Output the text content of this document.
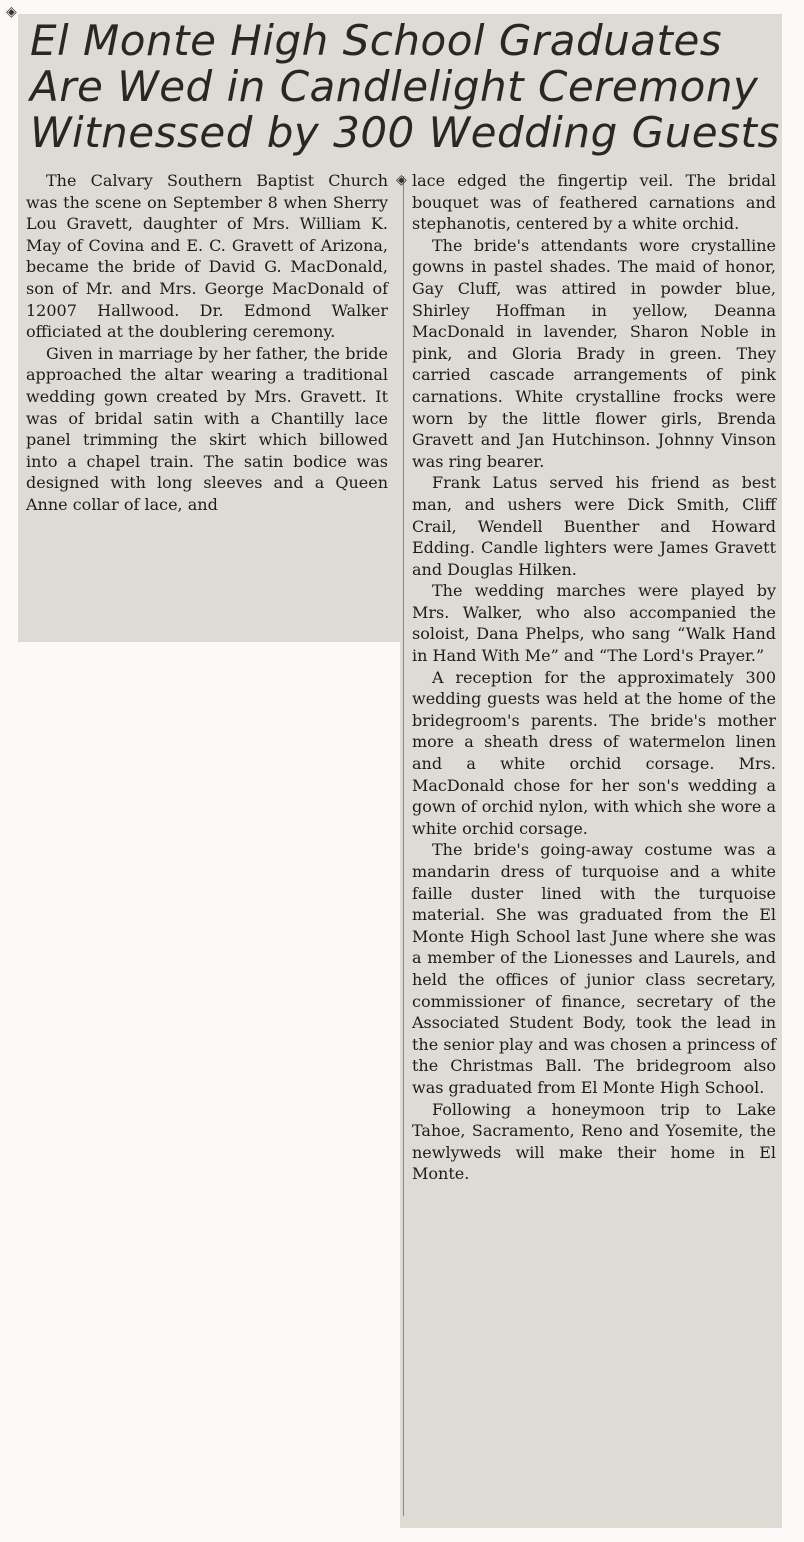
◈
El Monte High School Graduates
Are Wed in Candlelight Ceremony
Witnessed by 300 Wedding Guests
◈

The Calvary Southern Baptist Church was the scene on September 8 when Sherry Lou Gravett, daughter of Mrs. William K. May of Covina and E. C. Gravett of Arizona, became the bride of David G. MacDonald, son of Mr. and Mrs. George MacDonald of 12007 Hallwood. Dr. Edmond Walker officiated at the doublering ceremony.

Given in marriage by her father, the bride approached the altar wearing a traditional wedding gown created by Mrs. Gravett. It was of bridal satin with a Chantilly lace panel trimming the skirt which billowed into a chapel train. The satin bodice was designed with long sleeves and a Queen Anne collar of lace, and

lace edged the fingertip veil. The bridal bouquet was of feathered carnations and stephanotis, centered by a white orchid.

The bride's attendants wore crystalline gowns in pastel shades. The maid of honor, Gay Cluff, was attired in powder blue, Shirley Hoffman in yellow, Deanna MacDonald in lavender, Sharon Noble in pink, and Gloria Brady in green. They carried cascade arrangements of pink carnations. White crystalline frocks were worn by the little flower girls, Brenda Gravett and Jan Hutchinson. Johnny Vinson was ring bearer.

Frank Latus served his friend as best man, and ushers were Dick Smith, Cliff Crail, Wendell Buenther and Howard Edding. Candle lighters were James Gravett and Douglas Hilken.

The wedding marches were played by Mrs. Walker, who also accompanied the soloist, Dana Phelps, who sang “Walk Hand in Hand With Me” and “The Lord's Prayer.”

A reception for the approximately 300 wedding guests was held at the home of the bridegroom's parents. The bride's mother more a sheath dress of watermelon linen and a white orchid corsage. Mrs. MacDonald chose for her son's wedding a gown of orchid nylon, with which she wore a white orchid corsage.

The bride's going-away costume was a mandarin dress of turquoise and a white faille duster lined with the turquoise material. She was graduated from the El Monte High School last June where she was a member of the Lionesses and Laurels, and held the offices of junior class secretary, commissioner of finance, secretary of the Associated Student Body, took the lead in the senior play and was chosen a princess of the Christmas Ball. The bridegroom also was graduated from El Monte High School.

Following a honeymoon trip to Lake Tahoe, Sacramento, Reno and Yosemite, the newlyweds will make their home in El Monte.
